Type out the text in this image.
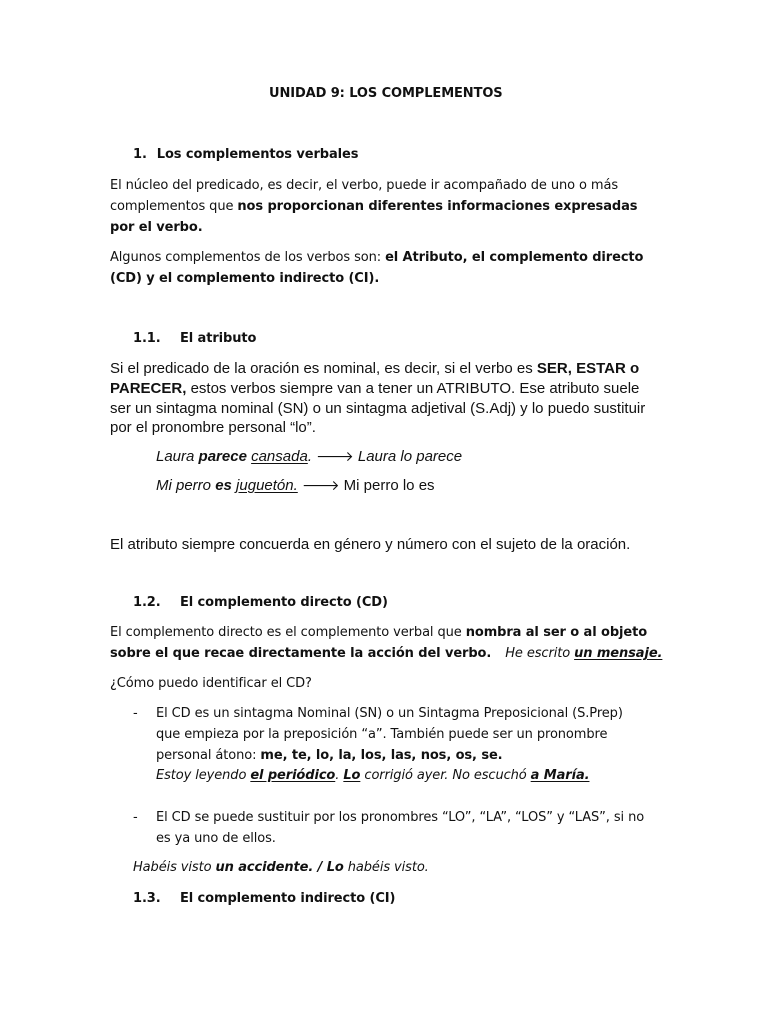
UNIDAD 9: LOS COMPLEMENTOS
1. Los complementos verbales
El núcleo del predicado, es decir, el verbo, puede ir acompañado de uno o más
complementos que nos proporcionan diferentes informaciones expresadas
por el verbo.
Algunos complementos de los verbos son: el Atributo, el complemento directo
(CD) y el complemento indirecto (CI).
1.1. El atributo
Si el predicado de la oración es nominal, es decir, si el verbo es SER, ESTAR o
PARECER, estos verbos siempre van a tener un ATRIBUTO. Ese atributo suele
ser un sintagma nominal (SN) o un sintagma adjetival (S.Adj) y lo puedo sustituir
por el pronombre personal “lo”.
Laura parece cansada. 🡒 Laura lo parece
Mi perro es juguetón. 🡒 Mi perro lo es
El atributo siempre concuerda en género y número con el sujeto de la oración.
1.2. El complemento directo (CD)
El complemento directo es el complemento verbal que nombra al ser o al objeto
sobre el que recae directamente la acción del verbo. He escrito un mensaje.
¿Cómo puedo identificar el CD?
- El CD es un sintagma Nominal (SN) o un Sintagma Preposicional (S.Prep)
que empieza por la preposición “a”. También puede ser un pronombre
personal átono: me, te, lo, la, los, las, nos, os, se.
Estoy leyendo el periódico. Lo corrigió ayer. No escuchó a María.
- El CD se puede sustituir por los pronombres “LO”, “LA”, “LOS” y “LAS”, si no
es ya uno de ellos.
Habéis visto un accidente. / Lo habéis visto.
1.3. El complemento indirecto (CI)
